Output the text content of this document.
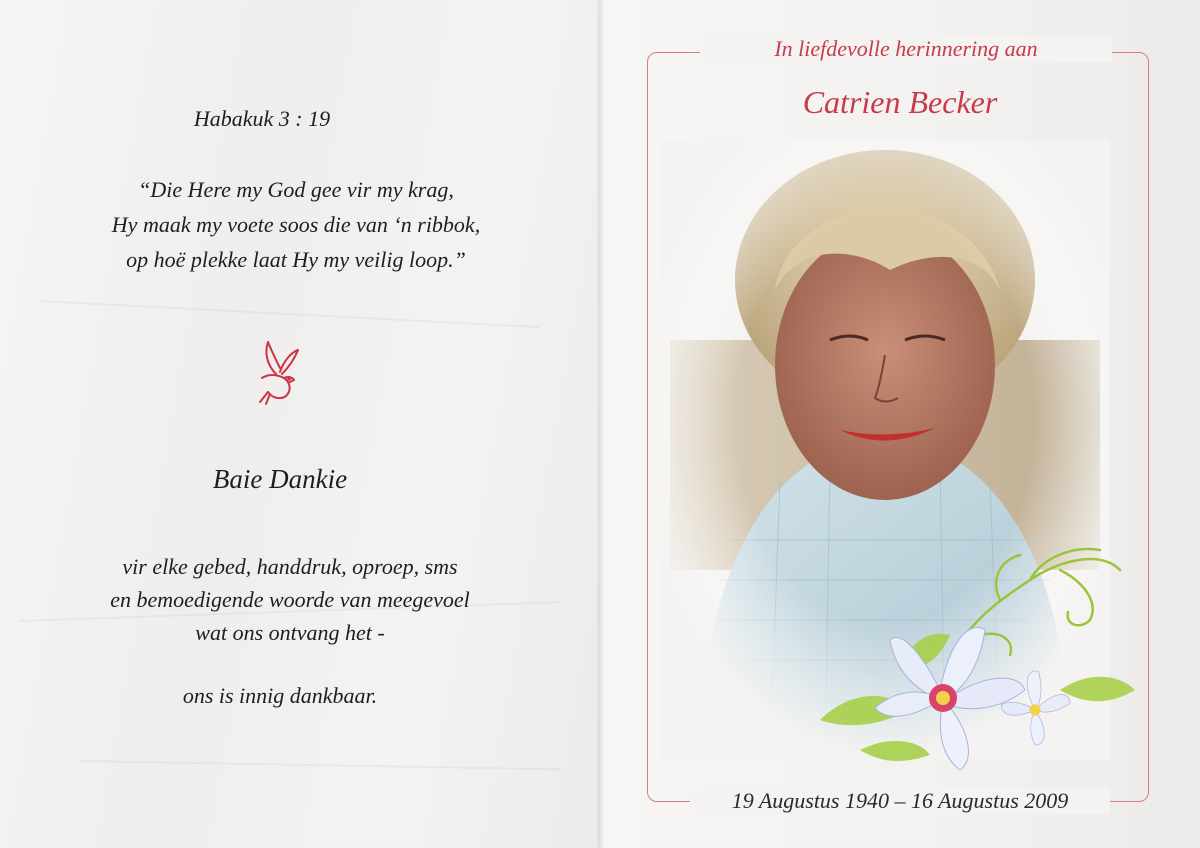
Habakuk 3 : 19
“Die Here my God gee vir my krag,
Hy maak my voete soos die van ‘n ribbok,
op hoë plekke laat Hy my veilig loop.”
Baie Dankie
vir elke gebed, handdruk, oproep, sms
en bemoedigende woorde van meegevoel
wat ons ontvang het -
ons is innig dankbaar.
In liefdevolle herinnering aan
Catrien Becker
19 Augustus 1940 – 16 Augustus 2009
